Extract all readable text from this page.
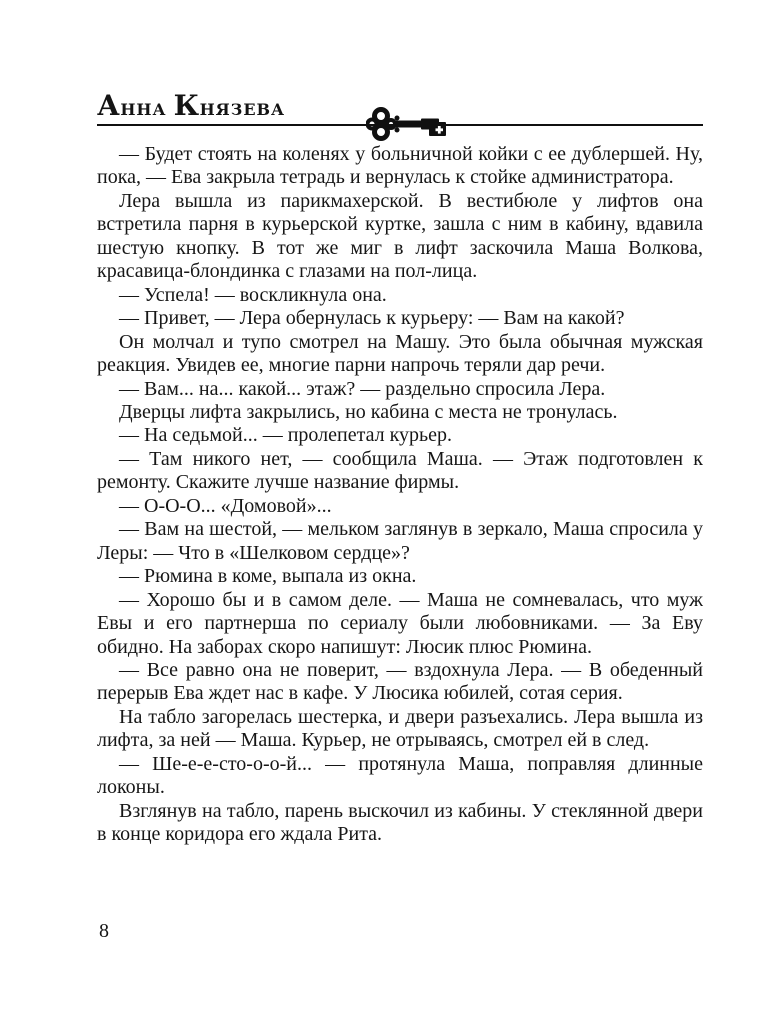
АННА КНЯЗЕВА

— Будет стоять на коленях у больничной койки с ее дублершей. Ну, пока, — Ева закрыла тетрадь и вернулась к стойке администратора.

Лера вышла из парикмахерской. В вестибюле у лифтов она встретила парня в курьерской куртке, зашла с ним в кабину, вдавила шестую кнопку. В тот же миг в лифт заскочила Маша Волкова, красавица-блондинка с глазами на пол-лица.

— Успела! — воскликнула она.

— Привет, — Лера обернулась к курьеру: — Вам на какой?

Он молчал и тупо смотрел на Машу. Это была обычная мужская реакция. Увидев ее, многие парни напрочь теряли дар речи.

— Вам... на... какой... этаж? — раздельно спросила Лера.

Дверцы лифта закрылись, но кабина с места не тронулась.

— На седьмой... — пролепетал курьер.

— Там никого нет, — сообщила Маша. — Этаж подготовлен к ремонту. Скажите лучше название фирмы.

— О-О-О... «Домовой»...

— Вам на шестой, — мельком заглянув в зеркало, Маша спросила у Леры: — Что в «Шелковом сердце»?

— Рюмина в коме, выпала из окна.

— Хорошо бы и в самом деле. — Маша не сомневалась, что муж Евы и его партнерша по сериалу были любовниками. — За Еву обидно. На заборах скоро напишут: Люсик плюс Рюмина.

— Все равно она не поверит, — вздохнула Лера. — В обеденный перерыв Ева ждет нас в кафе. У Люсика юбилей, сотая серия.

На табло загорелась шестерка, и двери разъехались. Лера вышла из лифта, за ней — Маша. Курьер, не отрываясь, смотрел ей в след.

— Ше-е-е-сто-о-о-й... — протянула Маша, поправляя длинные локоны.

Взглянув на табло, парень выскочил из кабины. У стеклянной двери в конце коридора его ждала Рита.

8
